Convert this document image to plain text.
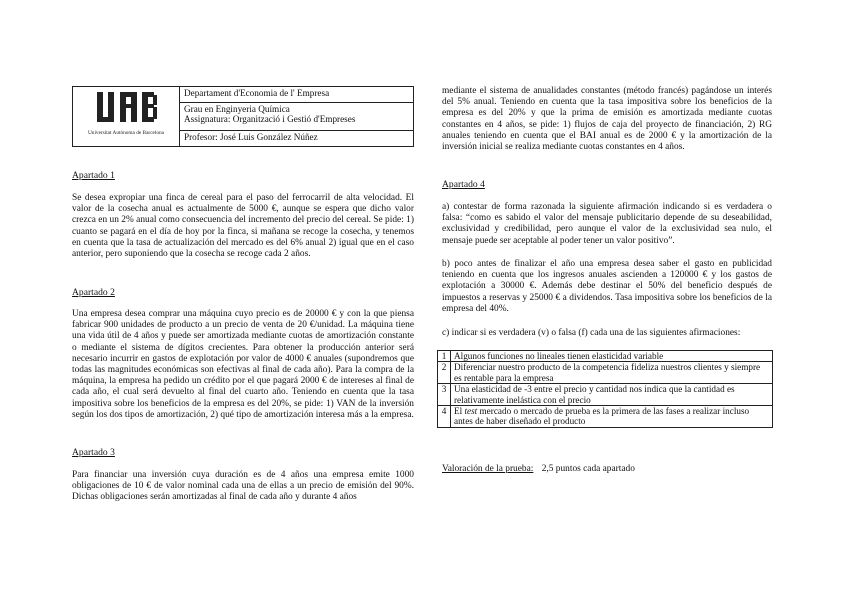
Universitat Autònoma de Barcelona
	Departament d'Economia de l' Empresa

Grau en Enginyeria Química
Assignatura: Organització i Gestió d'Empreses

Profesor: José Luis González Núñez
Apartado 1
Se desea expropiar una finca de cereal para el paso del ferrocarril de alta velocidad. El valor de la cosecha anual es actualmente de 5000 €, aunque se espera que dicho valor crezca en un 2% anual como consecuencia del incremento del precio del cereal. Se pide: 1) cuanto se pagará en el día de hoy por la finca, si mañana se recoge la cosecha, y tenemos en cuenta que la tasa de actualización del mercado es del 6% anual 2) igual que en el caso anterior, pero suponiendo que la cosecha se recoge cada 2 años.
Apartado 2
Una empresa desea comprar una máquina cuyo precio es de 20000 € y con la que piensa fabricar 900 unidades de producto a un precio de venta de 20 €/unidad. La máquina tiene una vida útil de 4 años y puede ser amortizada mediante cuotas de amortización constante o mediante el sistema de dígitos crecientes. Para obtener la producción anterior será necesario incurrir en gastos de explotación por valor de 4000 € anuales (supondremos que todas las magnitudes económicas son efectivas al final de cada año). Para la compra de la máquina, la empresa ha pedido un crédito por el que pagará 2000 € de intereses al final de cada año, el cual será devuelto al final del cuarto año. Teniendo en cuenta que la tasa impositiva sobre los beneficios de la empresa es del 20%, se pide: 1) VAN de la inversión según los dos tipos de amortización, 2) qué tipo de amortización interesa más a la empresa.
Apartado 3
Para financiar una inversión cuya duración es de 4 años una empresa emite 1000 obligaciones de 10 € de valor nominal cada una de ellas a un precio de emisión del 90%. Dichas obligaciones serán amortizadas al final de cada año y durante 4 años
mediante el sistema de anualidades constantes (método francés) pagándose un interés del 5% anual. Teniendo en cuenta que la tasa impositiva sobre los beneficios de la empresa es del 20% y que la prima de emisión es amortizada mediante cuotas constantes en 4 años, se pide: 1) flujos de caja del proyecto de financiación, 2) RG anuales teniendo en cuenta que el BAI anual es de 2000 € y la amortización de la inversión inicial se realiza mediante cuotas constantes en 4 años.
Apartado 4
a) contestar de forma razonada la siguiente afirmación indicando si es verdadera o falsa: “como es sabido el valor del mensaje publicitario depende de su deseabilidad, exclusividad y credibilidad, pero aunque el valor de la exclusividad sea nulo, el mensaje puede ser aceptable al poder tener un valor positivo”.
b) poco antes de finalizar el año una empresa desea saber el gasto en publicidad teniendo en cuenta que los ingresos anuales ascienden a 120000 € y los gastos de explotación a 30000 €. Además debe destinar el 50% del beneficio después de impuestos a reservas y 25000 € a dividendos. Tasa impositiva sobre los beneficios de la empresa del 40%.
c) indicar si es verdadera (v) o falsa (f) cada una de las siguientes afirmaciones:
1	Algunos funciones no lineales tienen elasticidad variable
2	Diferenciar nuestro producto de la competencia fideliza nuestros clientes y siempre es rentable para la empresa
3	Una elasticidad de -3 entre el precio y cantidad nos indica que la cantidad es relativamente inelástica con el precio
4	El test mercado o mercado de prueba es la primera de las fases a realizar incluso antes de haber diseñado el producto
Valoración de la prueba: 2,5 puntos cada apartado
